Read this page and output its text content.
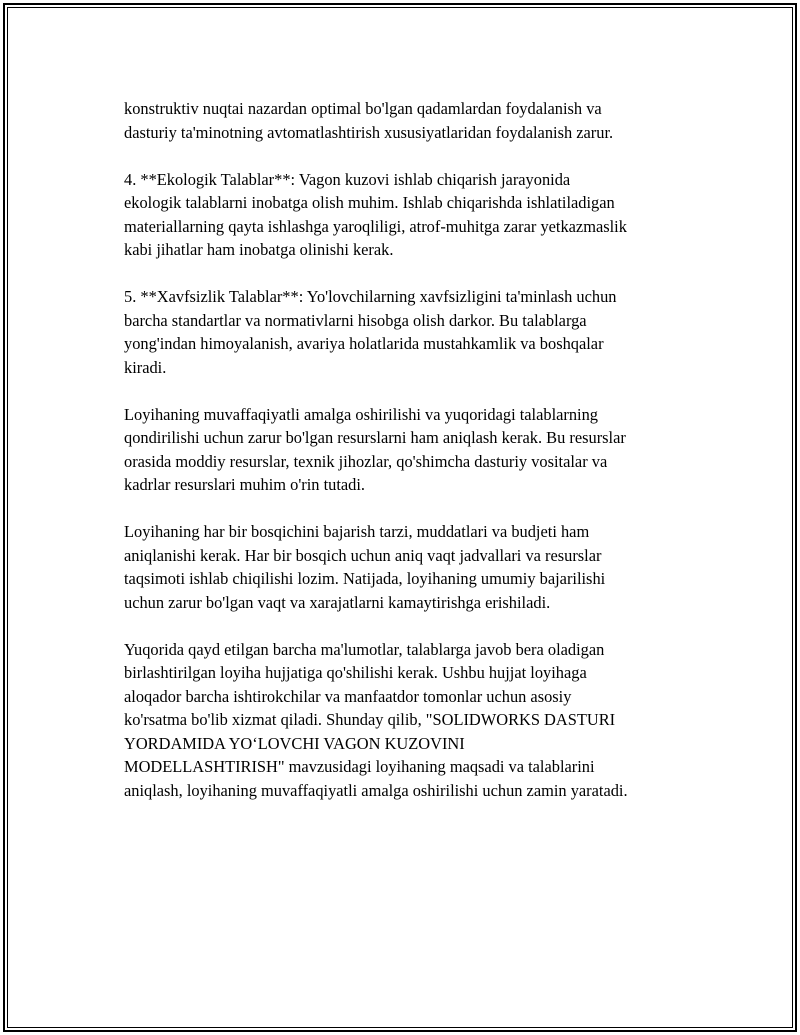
konstruktiv nuqtai nazardan optimal bo'lgan qadamlardan foydalanish va
dasturiy ta'minotning avtomatlashtirish xususiyatlaridan foydalanish zarur.

4. **Ekologik Talablar**: Vagon kuzovi ishlab chiqarish jarayonida
ekologik talablarni inobatga olish muhim. Ishlab chiqarishda ishlatiladigan
materiallarning qayta ishlashga yaroqliligi, atrof-muhitga zarar yetkazmaslik
kabi jihatlar ham inobatga olinishi kerak.

5. **Xavfsizlik Talablar**: Yo'lovchilarning xavfsizligini ta'minlash uchun
barcha standartlar va normativlarni hisobga olish darkor. Bu talablarga
yong'indan himoyalanish, avariya holatlarida mustahkamlik va boshqalar
kiradi.

Loyihaning muvaffaqiyatli amalga oshirilishi va yuqoridagi talablarning
qondirilishi uchun zarur bo'lgan resurslarni ham aniqlash kerak. Bu resurslar
orasida moddiy resurslar, texnik jihozlar, qo'shimcha dasturiy vositalar va
kadrlar resurslari muhim o'rin tutadi.

Loyihaning har bir bosqichini bajarish tarzi, muddatlari va budjeti ham
aniqlanishi kerak. Har bir bosqich uchun aniq vaqt jadvallari va resurslar
taqsimoti ishlab chiqilishi lozim. Natijada, loyihaning umumiy bajarilishi
uchun zarur bo'lgan vaqt va xarajatlarni kamaytirishga erishiladi.

Yuqorida qayd etilgan barcha ma'lumotlar, talablarga javob bera oladigan
birlashtirilgan loyiha hujjatiga qo'shilishi kerak. Ushbu hujjat loyihaga
aloqador barcha ishtirokchilar va manfaatdor tomonlar uchun asosiy
ko'rsatma bo'lib xizmat qiladi. Shunday qilib, "SOLIDWORKS DASTURI
YORDAMIDA YO‘LOVCHI VAGON KUZOVINI
MODELLASHTIRISH" mavzusidagi loyihaning maqsadi va talablarini
aniqlash, loyihaning muvaffaqiyatli amalga oshirilishi uchun zamin yaratadi.
